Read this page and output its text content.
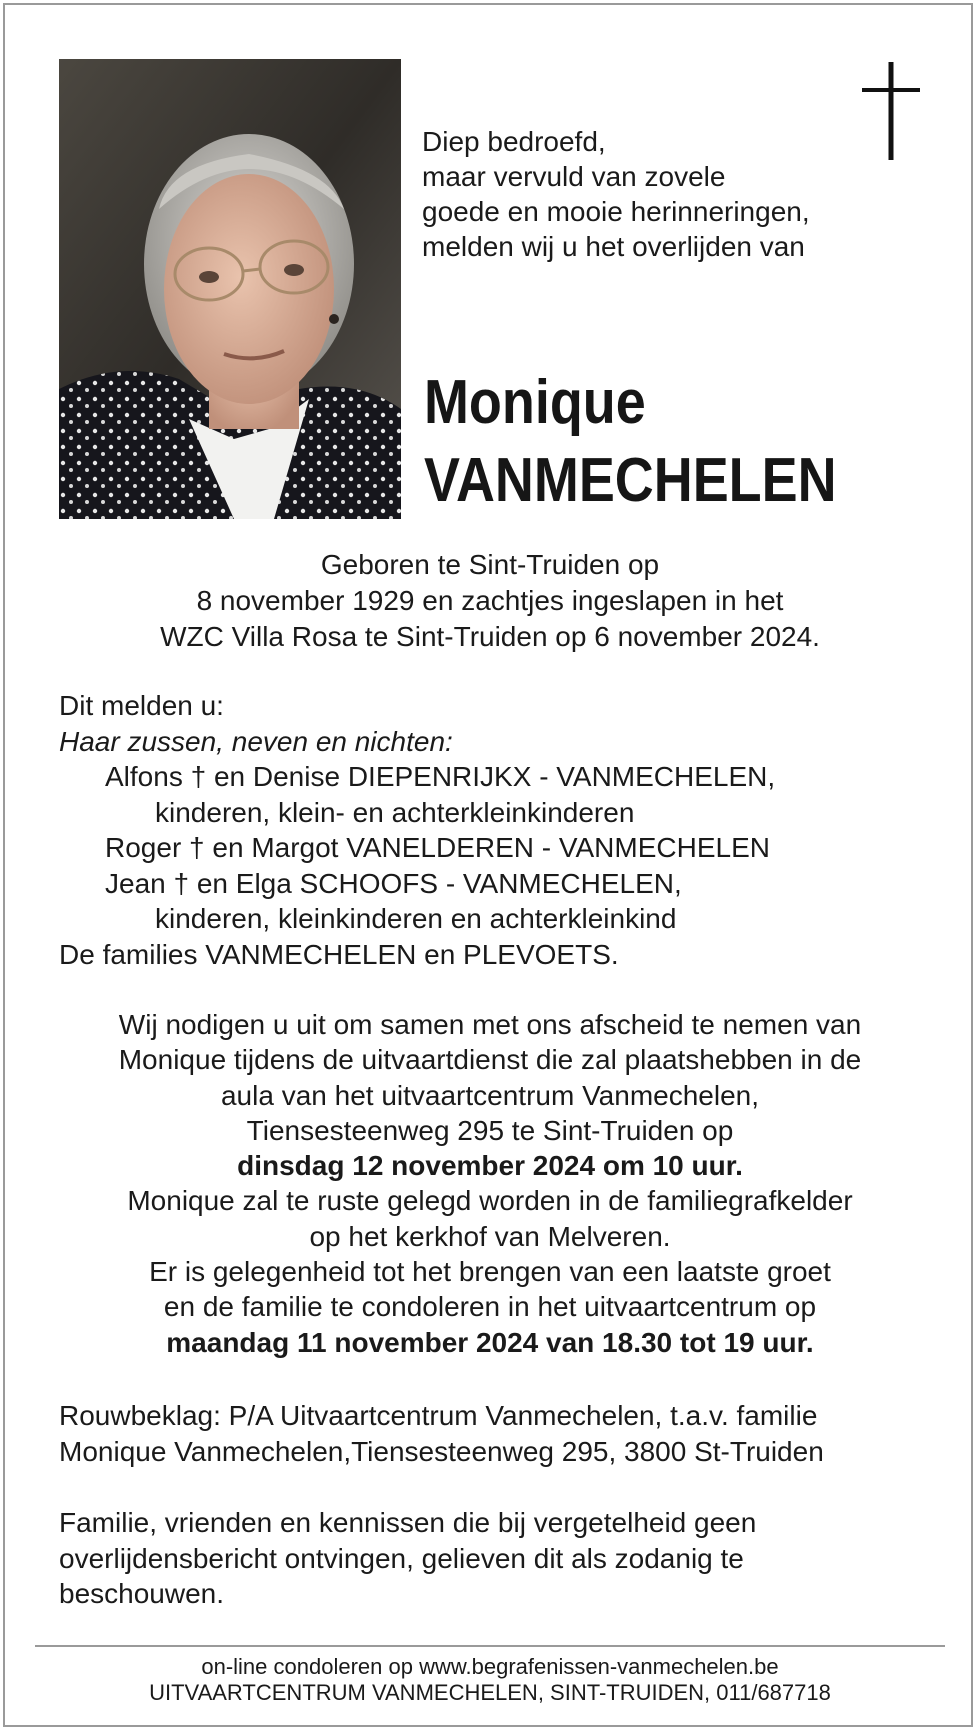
Diep bedroefd,
maar vervuld van zovele
goede en mooie herinneringen,
melden wij u het overlijden van
Monique
VANMECHELEN
Geboren te Sint-Truiden op
8 november 1929 en zachtjes ingeslapen in het
WZC Villa Rosa te Sint-Truiden op 6 november 2024.
Dit melden u:
Haar zussen, neven en nichten:
Alfons † en Denise DIEPENRIJKX - VANMECHELEN,
kinderen, klein- en achterkleinkinderen
Roger † en Margot VANELDEREN - VANMECHELEN
Jean † en Elga SCHOOFS - VANMECHELEN,
kinderen, kleinkinderen en achterkleinkind
De families VANMECHELEN en PLEVOETS.
Wij nodigen u uit om samen met ons afscheid te nemen van
Monique tijdens de uitvaartdienst die zal plaatshebben in de
aula van het uitvaartcentrum Vanmechelen,
Tiensesteenweg 295 te Sint-Truiden op
dinsdag 12 november 2024 om 10 uur.
Monique zal te ruste gelegd worden in de familiegrafkelder
op het kerkhof van Melveren.
Er is gelegenheid tot het brengen van een laatste groet
en de familie te condoleren in het uitvaartcentrum op
maandag 11 november 2024 van 18.30 tot 19 uur.
Rouwbeklag: P/A Uitvaartcentrum Vanmechelen, t.a.v. familie
Monique Vanmechelen,Tiensesteenweg 295, 3800 St-Truiden
Familie, vrienden en kennissen die bij vergetelheid geen
overlijdensbericht ontvingen, gelieven dit als zodanig te
beschouwen.
on-line condoleren op www.begrafenissen-vanmechelen.be
UITVAARTCENTRUM VANMECHELEN, SINT-TRUIDEN, 011/687718
